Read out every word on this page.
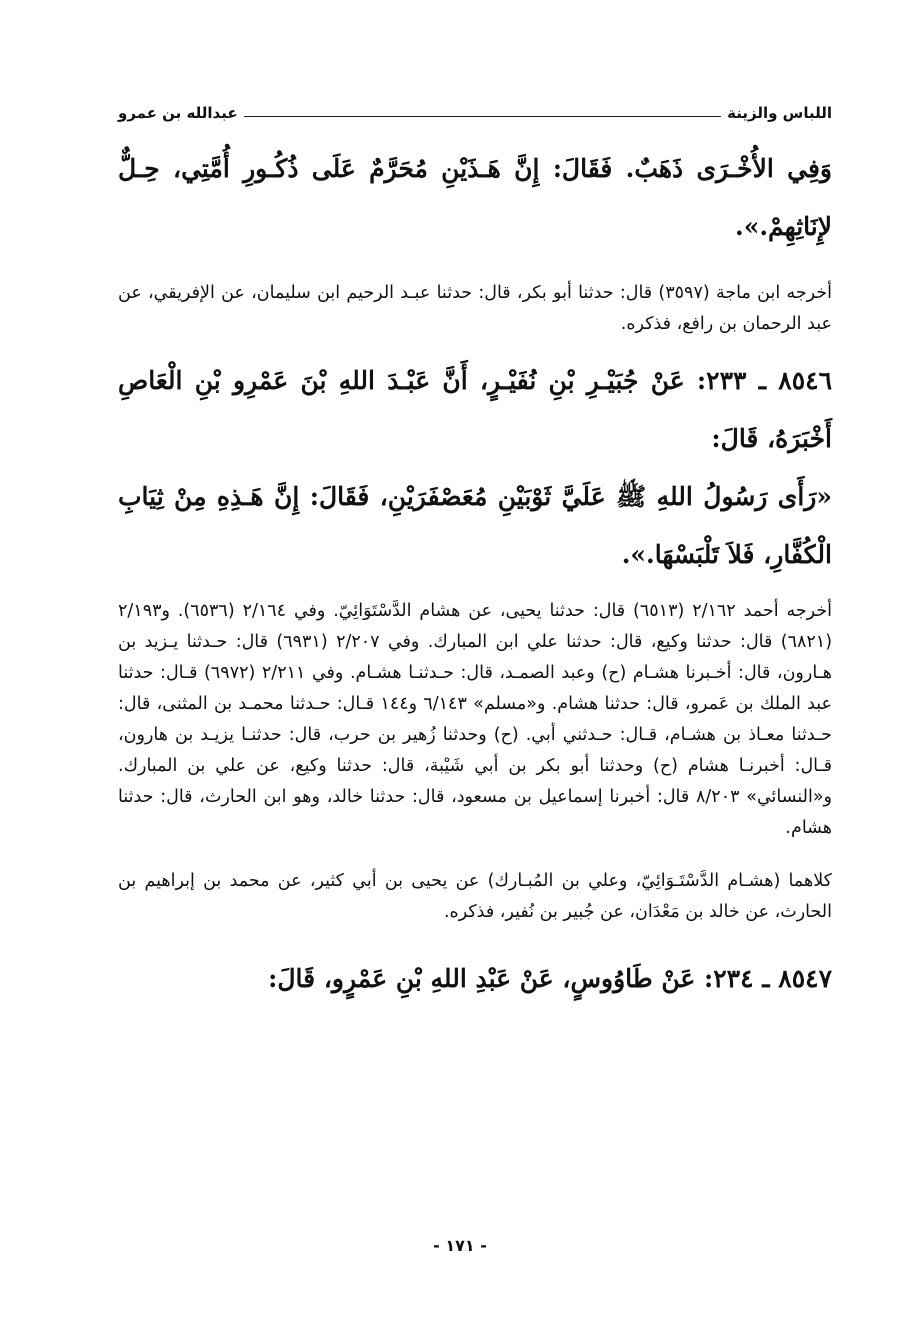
اللباس والزينة
عبدالله بن عمرو

وَفِي الأُخْـرَى ذَهَبٌ. فَقَالَ: إِنَّ هَـذَيْنِ مُحَرَّمٌ عَلَى ذُكُـورِ أُمَّتِي، حِـلٌّ لإِنَاثِهِمْ.».

أخرجه ابن ماجة (٣٥٩٧) قال: حدثنا أبو بكر، قال: حدثنا عبـد الرحيم ابن سليمان، عن الإفريقي، عن عبد الرحمان بن رافع، فذكره.

٨٥٤٦ ـ ٢٣٣: عَنْ جُبَيْـرِ بْنِ نُفَيْـرٍ، أَنَّ عَبْـدَ اللهِ بْنَ عَمْرِو بْنِ الْعَاصِ أَخْبَرَهُ، قَالَ:

«رَأَى رَسُولُ اللهِ ﷺ عَلَيَّ ثَوْبَيْنِ مُعَصْفَرَيْنِ، فَقَالَ: إِنَّ هَـذِهِ مِنْ ثِيَابِ الْكُفَّارِ، فَلاَ تَلْبَسْهَا.».

أخرجه أحمد ٢/١٦٢ (٦٥١٣) قال: حدثنا يحيى، عن هشام الدَّسْتَوَائِيّ. وفي ٢/١٦٤ (٦٥٣٦). و٢/١٩٣ (٦٨٢١) قال: حدثنا وكيع، قال: حدثنا علي ابن المبارك. وفي ٢/٢٠٧ (٦٩٣١) قال: حـدثنا يـزيد بن هـارون، قال: أخـبرنا هشـام (ح) وعبد الصمـد، قال: حـدثنـا هشـام. وفي ٢/٢١١ (٦٩٧٢) قـال: حدثنا عبد الملك بن عَمرو، قال: حدثنا هشام. و«مسلم» ٦/١٤٣ و١٤٤ قـال: حـدثنا محمـد بن المثنى، قال: حـدثنا معـاذ بن هشـام، قـال: حـدثني أبي. (ح) وحدثنا زُهير بن حرب، قال: حدثنـا يزيـد بن هارون، قـال: أخبرنـا هشام (ح) وحدثنا أبو بكر بن أبي شَيْبة، قال: حدثنا وكيع، عن علي بن المبارك. و«النسائي» ٨/٢٠٣ قال: أخبرنا إسماعيل بن مسعود، قال: حدثنا خالد، وهو ابن الحارث، قال: حدثنا هشام.

كلاهما (هشـام الدَّسْتَـوَائِيّ، وعلي بن المُبـارك) عن يحيى بن أبي كثير، عن محمد بن إبراهيم بن الحارث، عن خالد بن مَعْدَان، عن جُبير بن نُفير، فذكره.

٨٥٤٧ ـ ٢٣٤: عَنْ طَاوُوسٍ، عَنْ عَبْدِ اللهِ بْنِ عَمْرٍو، قَالَ:

- ١٧١ -
